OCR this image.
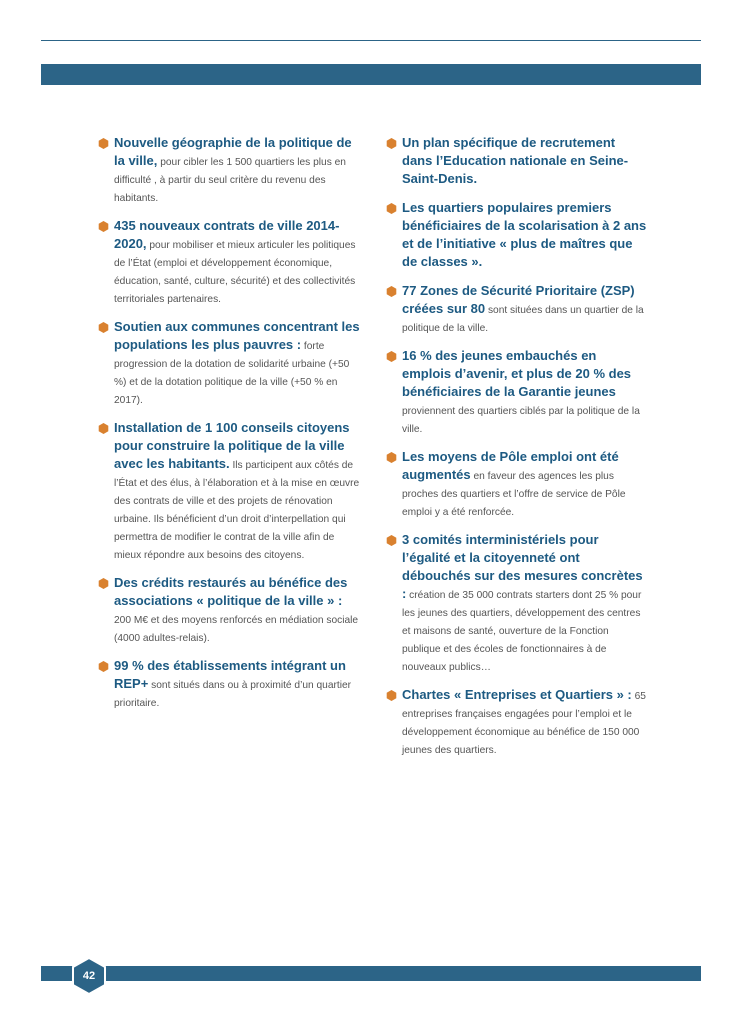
Nouvelle géographie de la politique de la ville, pour cibler les 1 500 quartiers les plus en difficulté , à partir du seul critère du revenu des habitants.

435 nouveaux contrats de ville 2014-2020, pour mobiliser et mieux articuler les politiques de l’État (emploi et développement économique, éducation, santé, culture, sécurité) et des collectivités territoriales partenaires.

Soutien aux communes concentrant les populations les plus pauvres : forte progression de la dotation de solidarité urbaine (+50 %) et de la dotation politique de la ville (+50 % en 2017).

Installation de 1 100 conseils citoyens pour construire la politique de la ville avec les habitants. Ils participent aux côtés de l’État et des élus, à l’élaboration et à la mise en œuvre des contrats de ville et des projets de rénovation urbaine. Ils bénéficient d’un droit d’interpellation qui permettra de modifier le contrat de la ville afin de mieux répondre aux besoins des citoyens.

Des crédits restaurés au bénéfice des associations « politique de la ville » : 200 M€ et des moyens renforcés en médiation sociale (4000 adultes-relais).

99 % des établissements intégrant un REP+ sont situés dans ou à proximité d’un quartier prioritaire.

Un plan spécifique de recrutement dans l’Education nationale en Seine-Saint-Denis.

Les quartiers populaires premiers bénéficiaires de la scolarisation à 2 ans et de l’initiative « plus de maîtres que de classes ».

77 Zones de Sécurité Prioritaire (ZSP) créées sur 80 sont situées dans un quartier de la politique de la ville.

16 % des jeunes embauchés en emplois d’avenir, et plus de 20 % des bénéficiaires de la Garantie jeunes proviennent des quartiers ciblés par la politique de la ville.

Les moyens de Pôle emploi ont été augmentés en faveur des agences les plus proches des quartiers et l’offre de service de Pôle emploi y a été renforcée.

3 comités interministériels pour l’égalité et la citoyenneté ont débouchés sur des mesures concrètes : création de 35 000 contrats starters dont 25 % pour les jeunes des quartiers, développement des centres et maisons de santé, ouverture de la Fonction publique et des écoles de fonctionnaires à de nouveaux publics…

Chartes « Entreprises et Quartiers » : 65 entreprises françaises engagées pour l’emploi et le développement économique au bénéfice de 150 000 jeunes des quartiers.

42
